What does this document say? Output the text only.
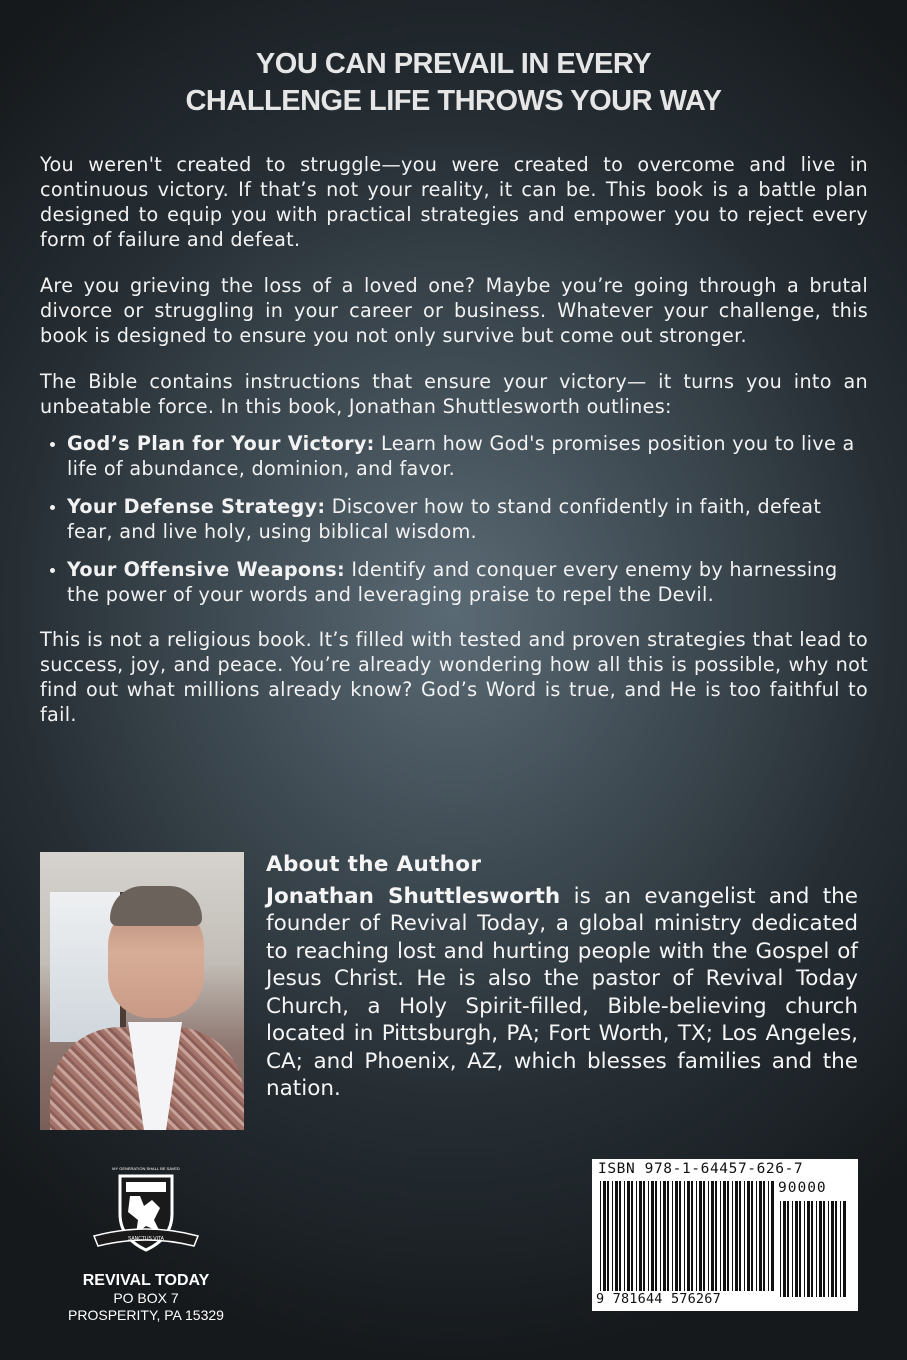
YOU CAN PREVAIL IN EVERY
CHALLENGE LIFE THROWS YOUR WAY

You weren't created to struggle—you were created to overcome and live in continuous victory. If that’s not your reality, it can be. This book is a battle plan designed to equip you with practical strategies and empower you to reject every form of failure and defeat.

Are you grieving the loss of a loved one? Maybe you’re going through a brutal divorce or struggling in your career or business. Whatever your challenge, this book is designed to ensure you not only survive but come out stronger.

The Bible contains instructions that ensure your victory— it turns you into an unbeatable force. In this book, Jonathan Shuttlesworth outlines:

God’s Plan for Your Victory: Learn how God's promises position you to live a life of abundance, dominion, and favor.
Your Defense Strategy: Discover how to stand confidently in faith, defeat fear, and live holy, using biblical wisdom.
Your Offensive Weapons: Identify and conquer every enemy by harnessing the power of your words and leveraging praise to repel the Devil.

This is not a religious book. It’s filled with tested and proven strategies that lead to success, joy, and peace. You’re already wondering how all this is possible, why not find out what millions already know? God’s Word is true, and He is too faithful to fail.

About the Author

Jonathan Shuttlesworth is an evangelist and the founder of Revival Today, a global ministry dedicated to reaching lost and hurting people with the Gospel of Jesus Christ. He is also the pastor of Revival Today Church, a Holy Spirit-filled, Bible-believing church located in Pittsburgh, PA; Fort Worth, TX; Los Angeles, CA; and Phoenix, AZ, which blesses families and the nation.

MY GENERATION SHALL BE SAVED
SANCTUS VITA
REVIVAL TODAY
PO BOX 7
PROSPERITY, PA 15329
ISBN 978-1-64457-626-7
90000
9 781644 576267
